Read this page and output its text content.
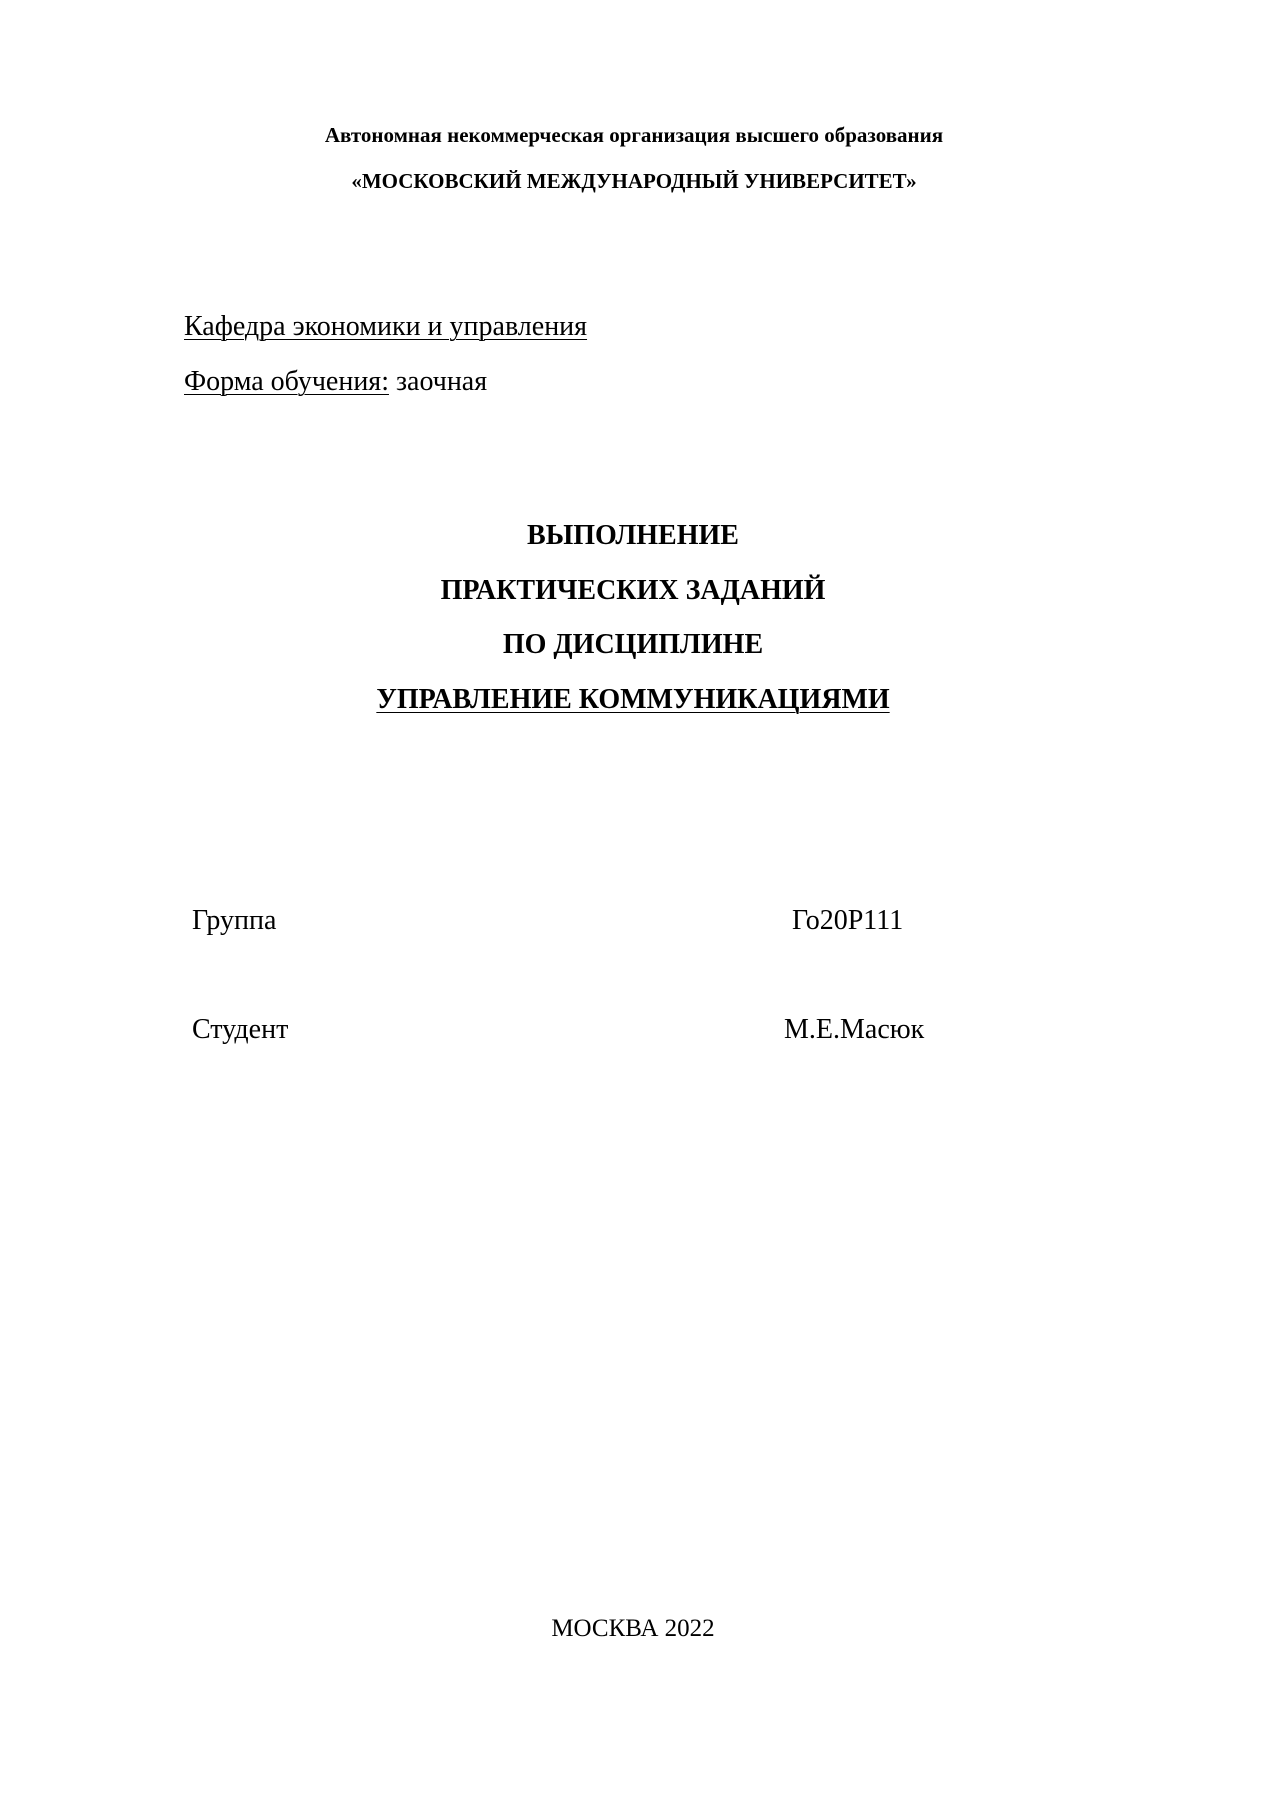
Автономная некоммерческая организация высшего образования
«МОСКОВСКИЙ МЕЖДУНАРОДНЫЙ УНИВЕРСИТЕТ»
Кафедра экономики и управления
Форма обучения: заочная
ВЫПОЛНЕНИЕ
ПРАКТИЧЕСКИХ ЗАДАНИЙ
ПО ДИСЦИПЛИНЕ
УПРАВЛЕНИЕ КОММУНИКАЦИЯМИ
Группа	Го20Р111
Студент	М.Е.Масюк
МОСКВА 2022
